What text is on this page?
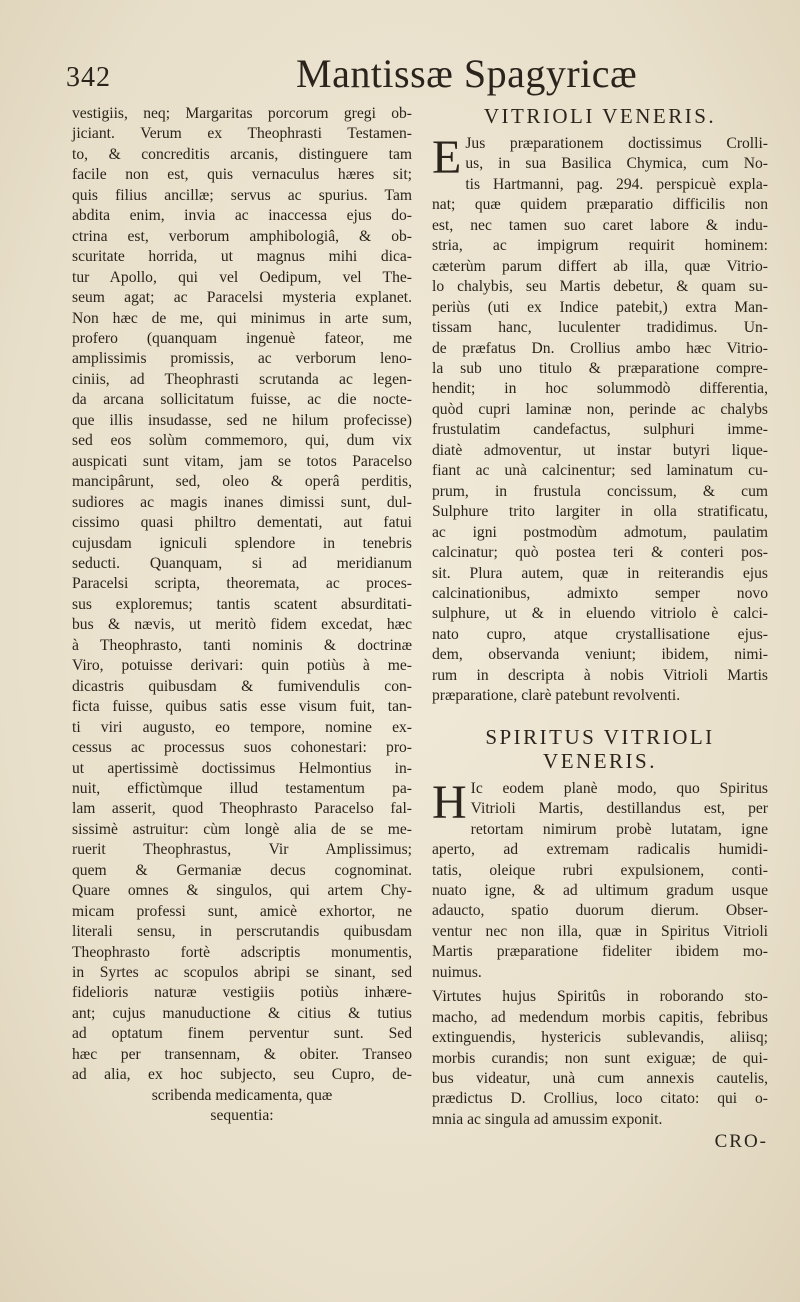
342	Mantissæ Spagyricæ

vestigiis, neq; Margaritas porcorum gregi ob-
jiciant. Verum ex Theophrasti Testamen-
to, & concreditis arcanis, distinguere tam
facile non est, quis vernaculus hæres sit;
quis filius ancillæ; servus ac spurius. Tam
abdita enim, invia ac inaccessa ejus do-
ctrina est, verborum amphibologiâ, & ob-
scuritate horrida, ut magnus mihi dica-
tur Apollo, qui vel Oedipum, vel The-
seum agat; ac Paracelsi mysteria explanet.
Non hæc de me, qui minimus in arte sum,
profero (quanquam ingenuè fateor, me
amplissimis promissis, ac verborum leno-
ciniis, ad Theophrasti scrutanda ac legen-
da arcana sollicitatum fuisse, ac die nocte-
que illis insudasse, sed ne hilum profecisse)
sed eos solùm commemoro, qui, dum vix
auspicati sunt vitam, jam se totos Paracelso
mancipârunt, sed, oleo & operâ perditis,
sudiores ac magis inanes dimissi sunt, dul-
cissimo quasi philtro dementati, aut fatui
cujusdam igniculi splendore in tenebris
seducti. Quanquam, si ad meridianum
Paracelsi scripta, theoremata, ac proces-
sus exploremus; tantis scatent absurditati-
bus & nævis, ut meritò fidem excedat, hæc
à Theophrasto, tanti nominis & doctrinæ
Viro, potuisse derivari: quin potiùs à me-
dicastris quibusdam & fumivendulis con-
ficta fuisse, quibus satis esse visum fuit, tan-
ti viri augusto, eo tempore, nomine ex-
cessus ac processus suos cohonestari: pro-
ut apertissimè doctissimus Helmontius in-
nuit, effictùmque illud testamentum pa-
lam asserit, quod Theophrasto Paracelso fal-
sissimè astruitur: cùm longè alia de se me-
ruerit Theophrastus, Vir Amplissimus;
quem & Germaniæ decus cognominat.
Quare omnes & singulos, qui artem Chy-
micam professi sunt, amicè exhortor, ne
literali sensu, in perscrutandis quibusdam
Theophrasto fortè adscriptis monumentis,
in Syrtes ac scopulos abripi se sinant, sed
fidelioris naturæ vestigiis potiùs inhære-
ant; cujus manuductione & citius & tutius
ad optatum finem perventur sunt. Sed
hæc per transennam, & obiter. Transeo
ad alia, ex hoc subjecto, seu Cupro, de-
scribenda medicamenta, quæ
sequentia:

VITRIOLI VENERIS.
E Jus præparationem doctissimus Crolli-
us, in sua Basilica Chymica, cum No-
tis Hartmanni, pag. 294. perspicuè expla-
nat; quæ quidem præparatio difficilis non
est, nec tamen suo caret labore & indu-
stria, ac impigrum requirit hominem:
cæterùm parum differt ab illa, quæ Vitrio-
lo chalybis, seu Martis debetur, & quam su-
periùs (uti ex Indice patebit,) extra Man-
tissam hanc, luculenter tradidimus. Un-
de præfatus Dn. Crollius ambo hæc Vitrio-
la sub uno titulo & præparatione compre-
hendit; in hoc solummodò differentia,
quòd cupri laminæ non, perinde ac chalybs
frustulatim candefactus, sulphuri imme-
diatè admoventur, ut instar butyri lique-
fiant ac unà calcinentur; sed laminatum cu-
prum, in frustula concissum, & cum
Sulphure trito largiter in olla stratificatu,
ac igni postmodùm admotum, paulatim
calcinatur; quò postea teri & conteri pos-
sit. Plura autem, quæ in reiterandis ejus
calcinationibus, admixto semper novo
sulphure, ut & in eluendo vitriolo è calci-
nato cupro, atque crystallisatione ejus-
dem, observanda veniunt; ibidem, nimi-
rum in descripta à nobis Vitrioli Martis
præparatione, clarè patebunt revolventi.

SPIRITUS VITRIOLI
VENERIS.
H Ic eodem planè modo, quo Spiritus
Vitrioli Martis, destillandus est, per
retortam nimirum probè lutatam, igne
aperto, ad extremam radicalis humidi-
tatis, oleique rubri expulsionem, conti-
nuato igne, & ad ultimum gradum usque
adaucto, spatio duorum dierum. Obser-
ventur nec non illa, quæ in Spiritus Vitrioli
Martis præparatione fideliter ibidem mo-
nuimus.

Virtutes hujus Spiritûs in roborando sto-
macho, ad medendum morbis capitis, febribus
extinguendis, hystericis sublevandis, aliisq;
morbis curandis; non sunt exiguæ; de qui-
bus videatur, unà cum annexis cautelis,
prædictus D. Crollius, loco citato: qui o-
mnia ac singula ad amussim exponit.

CRO-
